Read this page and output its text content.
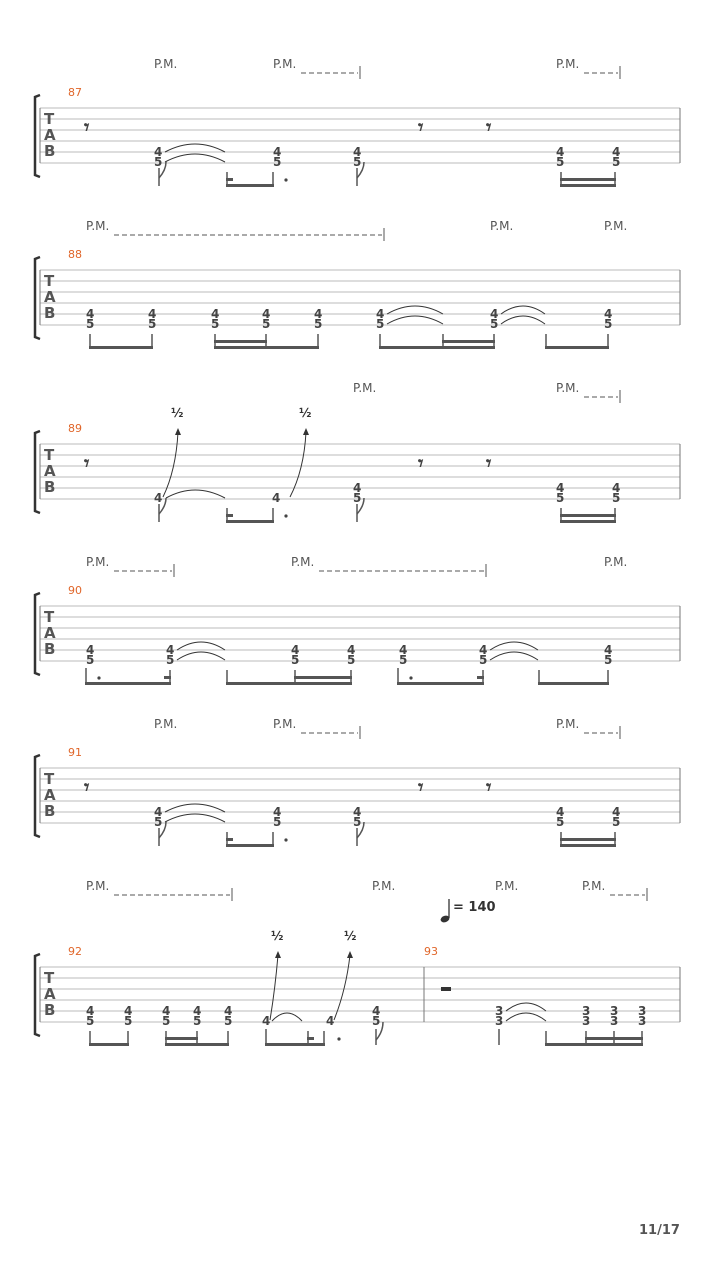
P.M.	P.M.	P.M.
87
T
A
B
𝄾	𝄾	𝄾
4
5
4
5
4
5
4
5
4
5
P.M.	P.M.	P.M.
88
T
A
B	4
5
4
5
4
5
4
5
4
5
4
5
4
5
4
5
P.M.	P.M.
½	½
89
T
A
B
𝄾	𝄾	𝄾
4	4
4
5
4
5
4
5
P.M.	P.M.	P.M.
90
T
A
B	4
5
4
5
4
5
4
5
4
5
4
5
4
5
P.M.	P.M.	P.M.
91
T
A
B
𝄾	𝄾	𝄾
4
5
4
5
4
5
4
5
4
5
P.M.	P.M.	P.M.	P.M.
= 140
½	½
92	93
T
A
B	4
5
4
5
4
5
4
5
4
5 4	4
4
5
3
3
3
3
3
3
3
3
11/17
